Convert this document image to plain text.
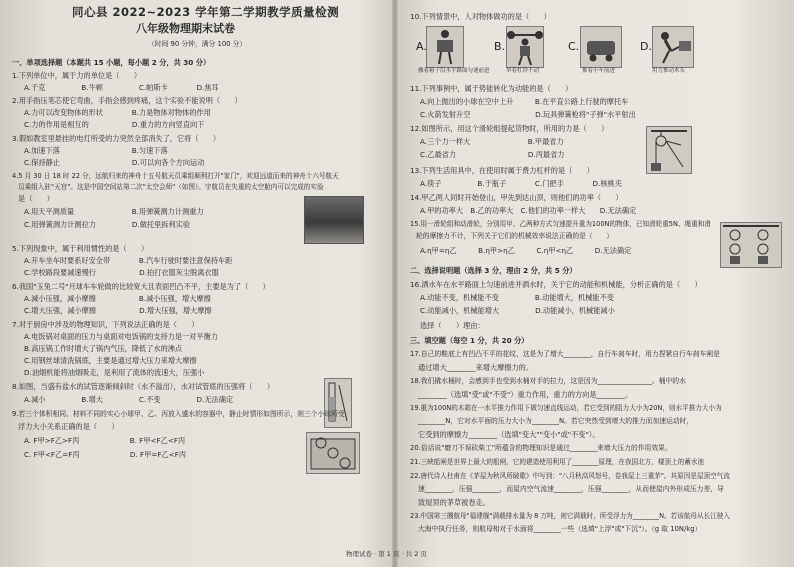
同心县 2022~2023 学年第二学期教学质量检测
八年级物理期末试卷
（时间 90 分钟，满分 100 分）
一、单项选择题（本题共 15 小题，每小题 2 分，共 30 分）
1.下列单位中，属于力的单位是（　　）
A.千克　　　　　B.牛顿　　　　　C.帕斯卡　　　　D.焦耳
2.用手指压笔芯使它弯曲，手指会感到疼痛，这个实验不能说明（　　）
A.力可以改变物体的形状　　　　B.力是物体对物体的作用
C.力的作用是相互的　　　　　　D.重力的方向竖直向下
3.假如教室里悬挂的电灯所受的力突然全部消失了，它将（　　）
A.加速下落　　　　　　　　　　B.匀速下落
C.保持静止　　　　　　　　　　D.可以向各个方向运动
4.5 月 30 日 18 时 22 分，远航归来的神舟十五号航天员乘组顺利打开"家门"，欢迎远道而来的神舟十六号航天
员乘组入驻"天宫"。这是中国空间站第二次"太空会师"（如图）。宇航员在失重的太空舱内可以完成的实验
是（　　）
A.用天平测质量　　　　　　　　B.用弹簧测力计测重力
C.用弹簧测力计测拉力　　　　　D.做托里拆利实验
5.下列现象中，属于利用惯性的是（　　）
A.开车坐车时要系好安全带　　　　B.汽车行驶时要注意保持车距
C.学校路段要减速慢行　　　　　　D.拍打衣服灰尘脱离衣服
6.我国"玉兔二号"月球车车轮做的比较宽大且表面凹凸不平，主要是为了（　　）
A.减小压强，减小摩擦　　　　　　B.减小压强，增大摩擦
C.增大压强，减小摩擦　　　　　　D.增大压强，增大摩擦
7.对于厨房中涉及的物理知识，下列说法正确的是（　　）
A.电饭锅对桌面的压力与桌面对电饭锅的支持力是一对平衡力
B.高压锅工作时增大了锅内气压，降低了水的沸点
C.用钢丝球清洗锅底，主要是通过增大压力来增大摩擦
D.油烟机能将油烟吸走，是利用了流体的流速大，压强小
8.如图，当盛有盐水的试管逐渐倾斜时（水不溢出），水对试管底的压强将（　　）
A.减小　　　　　B.增大　　　　　C.不变　　　　　D.无法确定
9.若三个体积相同、材料不同的实心小球甲、乙、丙放入盛水的容器中，静止时情形如图所示，则三个小球所受
浮力大小关系正确的是（　　）
A. F甲>F乙>F丙　　　　　　　B. F甲<F乙<F丙
C. F甲<F乙=F丙　　　　　　　D. F甲=F乙<F丙
10.下列情景中，人对物体做功的是（　　）
A.	B.	C.	D.
搬着箱子沿水平路面匀速前进	举着杠铃不动	推着小车前进	用力推动木头
11.下列事例中，属于势能转化为动能的是（　　）
A.向上抛出的小球在空中上升　　　B.在平直公路上行驶的摩托车
C.火箭发射升空　　　　　　　　　D.玩具弹簧枪将"子弹"水平射出
12.如图所示，用这个滑轮组提起货物时，所用的力是（　　）
A.三个力一样大　　　　　　　　B.甲最省力
C.乙最省力　　　　　　　　　　D.丙最省力
13.下列生活用具中，在使用时属于费力杠杆的是（　　）
A.筷子　　　　　B.于瓶子　　　　C.门把手　　　　D.核桃夹
14.甲乙两人同时开始登山，甲先到达山顶，则他们的功率（　　）
A.甲的功率大　B.乙的功率大　C.他们的功率一样大　　D.无法确定
15.用一滑轮组和动滑轮，分别用甲、乙两种方式匀速提升重为100N的物体，已知滑轮重5N、绳重和滑
轮的摩擦力不计，下列关于它们的机械效率说法正确的是（　　）
A.η甲=η乙　　　B.η甲>η乙　　　C.η甲<η乙　　　D.无法确定
二、选择说明题（选择 3 分，理由 2 分，共 5 分）
16.洒水车在水平路面上匀速前进并洒水时，关于它的动能和机械能，分析正确的是（　　）
A.动能不变，机械能不变　　　　　B.动能增大，机械能不变
C.动能减小，机械能增大　　　　　D.动能减小，机械能减小
选择（　　）理由：
三、填空题（每空 1 分，共 20 分）
17.自己的鞋底上有凹凸不平的花纹，这是为了增大________，自行车刹车时，用力捏紧自行车刹车闸是
通过增大________来增大摩擦力的。
18.我们撬水桶时，会感到手也受到水桶对手的拉力，这是因为________________。桶中的水
________（选填"受"或"不受"）重力作用，重力的方向是________。
19.重为100N的木箱在一水平推力作用下做匀速直线运动，若它受到的阻力大小为20N，则水平推力大小为
________N，它对水平面的压力大小为________N。若它突然受到增大的推力而加速运动时，
它受到的摩擦力________（选填"变大""变小"或"不变"）。
20.俗话说"磨刀不误砍柴工"所蕴含的物理知识是通过________来增大压力的作用效果。
21.三峡船闸是世界上最大的船闸，它的建造使用利用了________原理，在我国北方，楼顶上的蓄水池
22.唐代诗人杜甫在《茅屋为秋风所破歌》中写到："八月秋高风怒号，卷我屋上三重茅"。其原因是屋顶空气流
速________，压强________，而屋内空气流速________，压强________，从而使屋内外形成压力差，导
致屋顶的茅草被卷走。
23.中国第三艘航母"福建舰"满载排水量为 8 万吨，则它满载时，所受浮力为________N。若该航母从长江驶入
大海中执行任务，则航母相对于水面将________一些（选填"上浮"或"下沉"）。（g 取 10N/kg）
物理试卷 · 第 1 页 · 共 2 页
